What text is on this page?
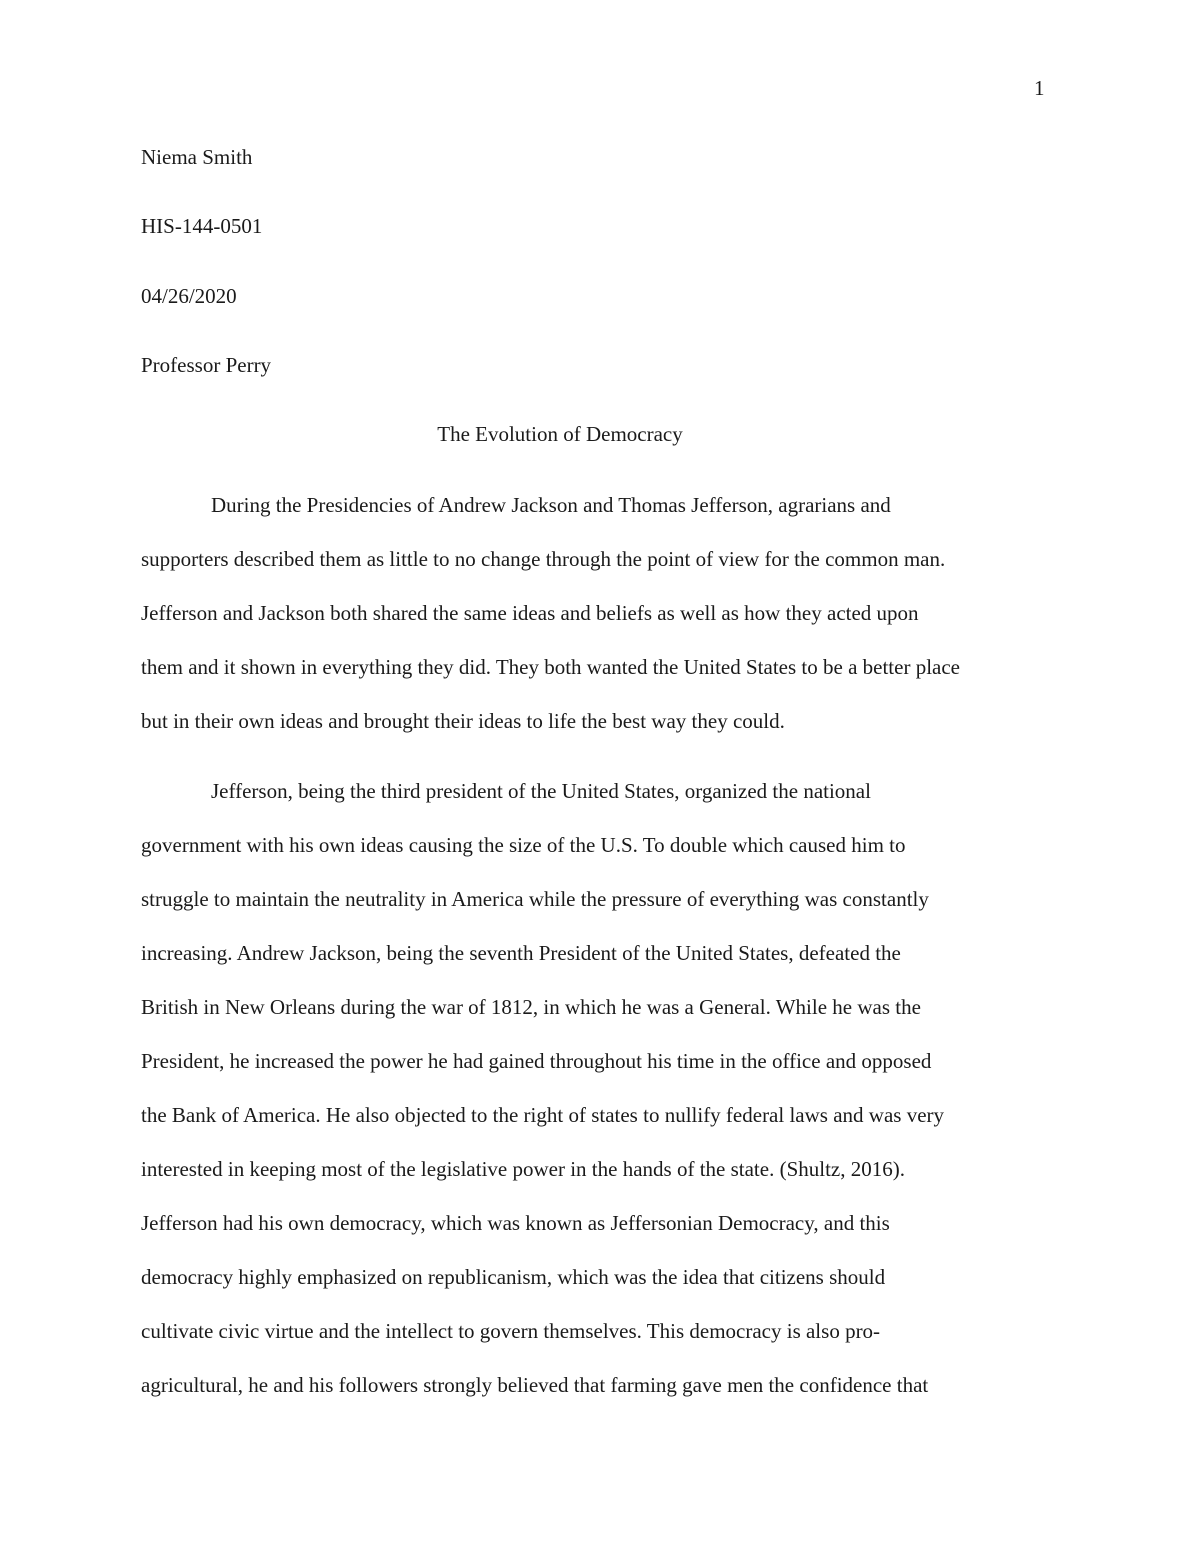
1
Niema Smith
HIS-144-0501
04/26/2020
Professor Perry
The Evolution of Democracy
During the Presidencies of Andrew Jackson and Thomas Jefferson, agrarians and
supporters described them as little to no change through the point of view for the common man.
Jefferson and Jackson both shared the same ideas and beliefs as well as how they acted upon
them and it shown in everything they did. They both wanted the United States to be a better place
but in their own ideas and brought their ideas to life the best way they could.
Jefferson, being the third president of the United States, organized the national
government with his own ideas causing the size of the U.S. To double which caused him to
struggle to maintain the neutrality in America while the pressure of everything was constantly
increasing. Andrew Jackson, being the seventh President of the United States, defeated the
British in New Orleans during the war of 1812, in which he was a General. While he was the
President, he increased the power he had gained throughout his time in the office and opposed
the Bank of America. He also objected to the right of states to nullify federal laws and was very
interested in keeping most of the legislative power in the hands of the state. (Shultz, 2016).
Jefferson had his own democracy, which was known as Jeffersonian Democracy, and this
democracy highly emphasized on republicanism, which was the idea that citizens should
cultivate civic virtue and the intellect to govern themselves. This democracy is also pro-
agricultural, he and his followers strongly believed that farming gave men the confidence that
